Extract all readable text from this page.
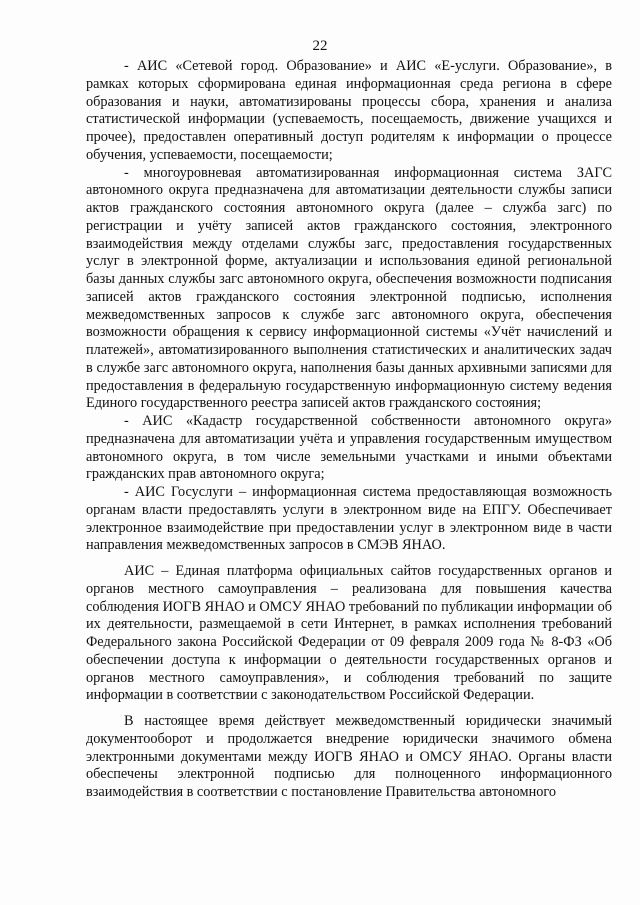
22

- АИС «Сетевой город. Образование» и АИС «Е-услуги. Образование», в рамках которых сформирована единая информационная среда региона в сфере образования и науки, автоматизированы процессы сбора, хранения и анализа статистической информации (успеваемость, посещаемость, движение учащихся и прочее), предоставлен оперативный доступ родителям к информации о процессе обучения, успеваемости, посещаемости;

- многоуровневая автоматизированная информационная система ЗАГС автономного округа предназначена для автоматизации деятельности службы записи актов гражданского состояния автономного округа (далее – служба загс) по регистрации и учёту записей актов гражданского состояния, электронного взаимодействия между отделами службы загс, предоставления государственных услуг в электронной форме, актуализации и использования единой региональной базы данных службы загс автономного округа, обеспечения возможности подписания записей актов гражданского состояния электронной подписью, исполнения межведомственных запросов к службе загс автономного округа, обеспечения возможности обращения к сервису информационной системы «Учёт начислений и платежей», автоматизированного выполнения статистических и аналитических задач в службе загс автономного округа, наполнения базы данных архивными записями для предоставления в федеральную государственную информационную систему ведения Единого государственного реестра записей актов гражданского состояния;

- АИС «Кадастр государственной собственности автономного округа» предназначена для автоматизации учёта и управления государственным имуществом автономного округа, в том числе земельными участками и иными объектами гражданских прав автономного округа;

- АИС Госуслуги – информационная система предоставляющая возможность органам власти предоставлять услуги в электронном виде на ЕПГУ. Обеспечивает электронное взаимодействие при предоставлении услуг в электронном виде в части направления межведомственных запросов в СМЭВ ЯНАО.

АИС – Единая платформа официальных сайтов государственных органов и органов местного самоуправления – реализована для повышения качества соблюдения ИОГВ ЯНАО и ОМСУ ЯНАО требований по публикации информации об их деятельности, размещаемой в сети Интернет, в рамках исполнения требований Федерального закона Российской Федерации от 09 февраля 2009 года № 8-ФЗ «Об обеспечении доступа к информации о деятельности государственных органов и органов местного самоуправления», и соблюдения требований по защите информации в соответствии с законодательством Российской Федерации.

В настоящее время действует межведомственный юридически значимый документооборот и продолжается внедрение юридически значимого обмена электронными документами между ИОГВ ЯНАО и ОМСУ ЯНАО. Органы власти обеспечены электронной подписью для полноценного информационного взаимодействия в соответствии с постановление Правительства автономного
